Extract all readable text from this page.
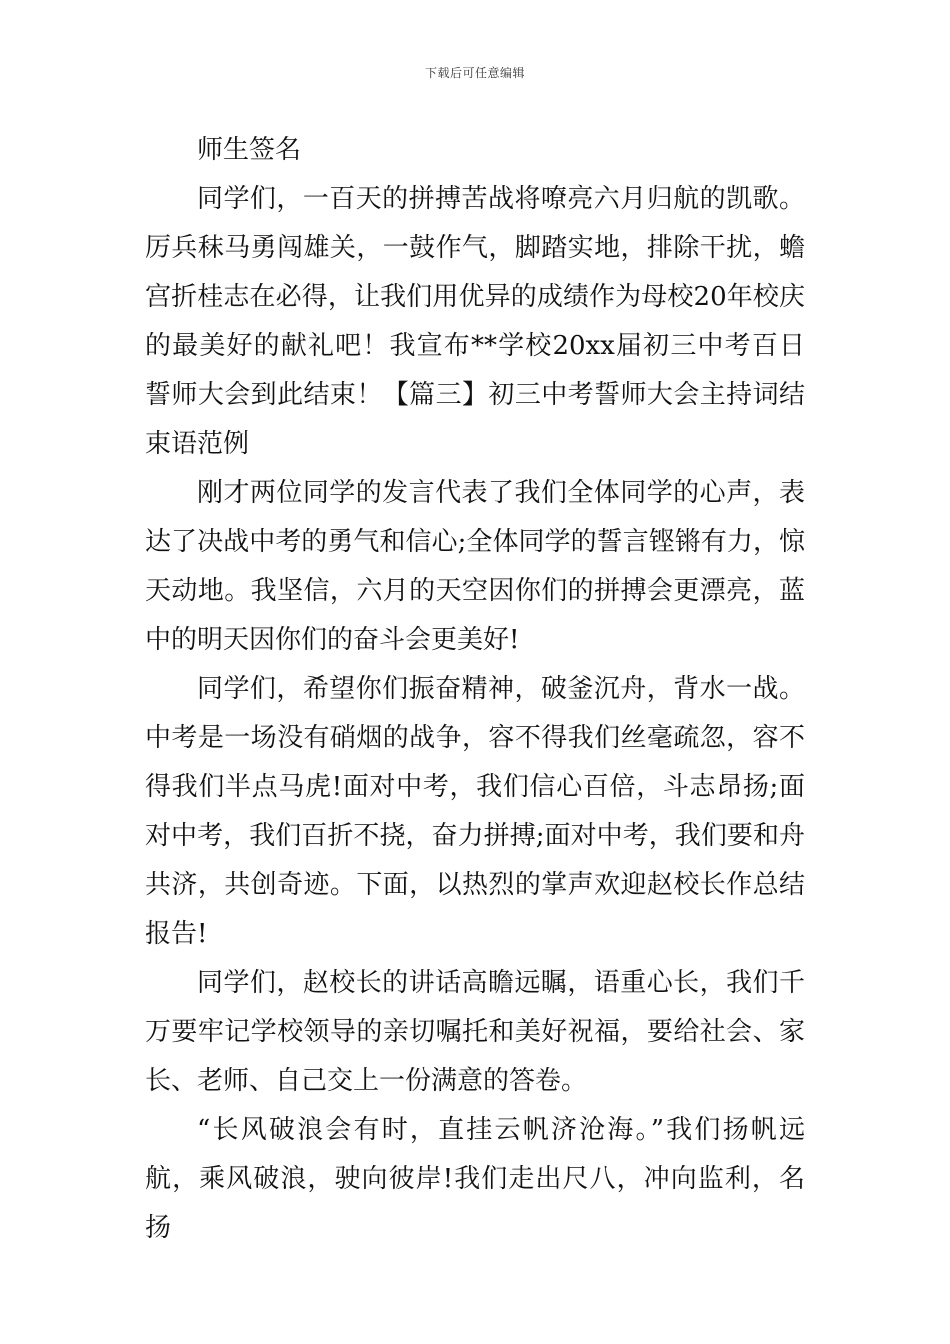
下载后可任意编辑

师生签名

同学们，一百天的拼搏苦战将嘹亮六月归航的凯歌。厉兵秣马勇闯雄关，一鼓作气，脚踏实地，排除干扰，蟾宫折桂志在必得，让我们用优异的成绩作为母校20年校庆的最美好的献礼吧！我宣布**学校20xx届初三中考百日誓师大会到此结束！【篇三】初三中考誓师大会主持词结束语范例

刚才两位同学的发言代表了我们全体同学的心声，表达了决战中考的勇气和信心;全体同学的誓言铿锵有力，惊天动地。我坚信，六月的天空因你们的拼搏会更漂亮，蓝中的明天因你们的奋斗会更美好!

同学们，希望你们振奋精神，破釜沉舟，背水一战。中考是一场没有硝烟的战争，容不得我们丝毫疏忽，容不得我们半点马虎!面对中考，我们信心百倍，斗志昂扬;面对中考，我们百折不挠，奋力拼搏;面对中考，我们要和舟共济，共创奇迹。下面，以热烈的掌声欢迎赵校长作总结报告!

同学们，赵校长的讲话高瞻远瞩，语重心长，我们千万要牢记学校领导的亲切嘱托和美好祝福，要给社会、家长、老师、自己交上一份满意的答卷。

“长风破浪会有时，直挂云帆济沧海。”我们扬帆远航，乘风破浪，驶向彼岸!我们走出尺八，冲向监利，名扬
